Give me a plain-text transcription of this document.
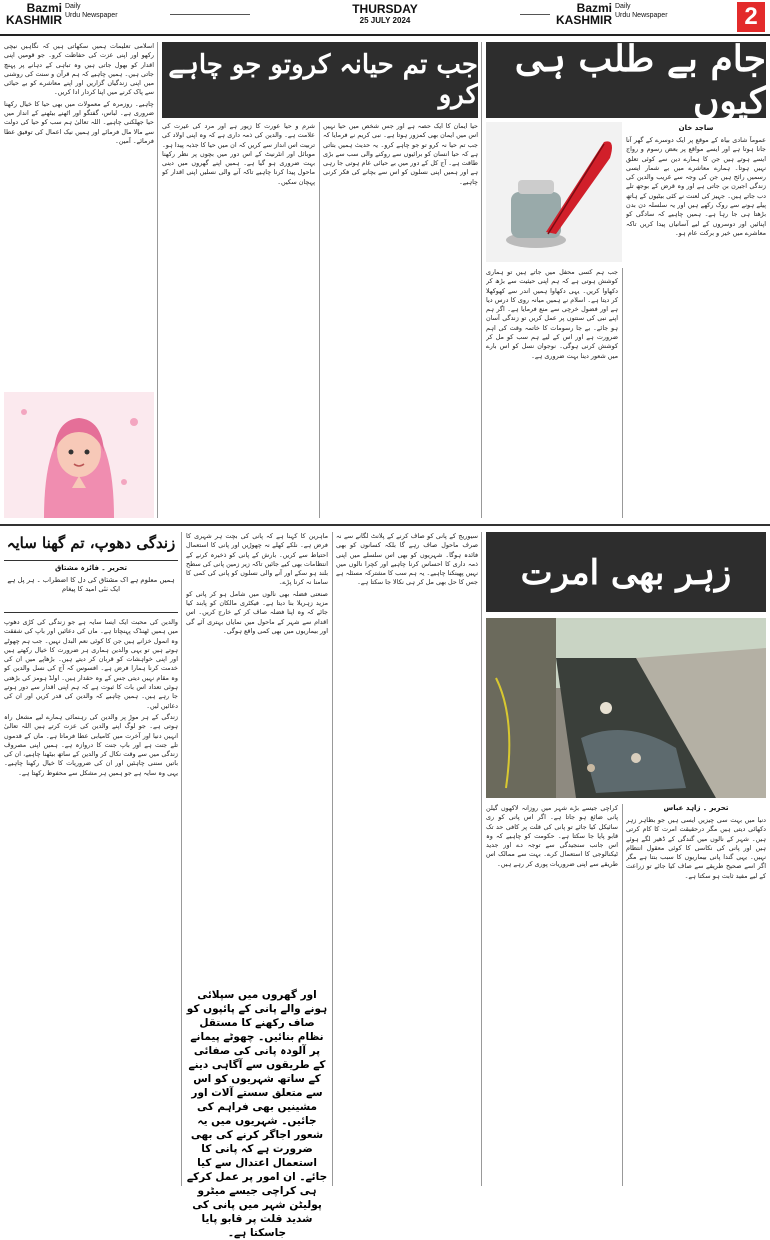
Bazmi
KASHMIRDaily
Urdu Newspaper	THURSDAY
25 JULY 2024
Bazmi
KASHMIRDaily
Urdu Newspaper	2
جام بے طلب ہی کیوں
ساجد خان
عموماً شادی بیاہ کے موقع پر ایک دوسرے کے گھر آنا جانا ہوتا ہے اور ایسے مواقع پر بعض رسوم و رواج ایسے ہوتے ہیں جن کا ہمارے دین سے کوئی تعلق نہیں ہوتا۔ ہمارے معاشرے میں بے شمار ایسی رسمیں رائج ہیں جن کی وجہ سے غریب والدین کی زندگی اجیرن بن جاتی ہے اور وہ قرض کے بوجھ تلے دب جاتے ہیں۔ جہیز کی لعنت نے کئی بیٹیوں کے ہاتھ پیلے ہونے سے روک رکھے ہیں اور یہ سلسلہ دن بدن بڑھتا ہی جا رہا ہے۔ ہمیں چاہیے کہ سادگی کو اپنائیں اور دوسروں کے لیے آسانیاں پیدا کریں تاکہ معاشرے میں خیر و برکت عام ہو۔
جب ہم کسی محفل میں جاتے ہیں تو ہماری کوشش ہوتی ہے کہ ہم اپنی حیثیت سے بڑھ کر دکھاوا کریں۔ یہی دکھاوا ہمیں اندر سے کھوکھلا کر دیتا ہے۔ اسلام نے ہمیں میانہ روی کا درس دیا ہے اور فضول خرچی سے منع فرمایا ہے۔ اگر ہم اپنے نبی کی سنتوں پر عمل کریں تو زندگی آسان ہو جائے۔ بے جا رسومات کا خاتمہ وقت کی اہم ضرورت ہے اور اس کے لیے ہم سب کو مل کر کوشش کرنی ہوگی۔ نوجوان نسل کو اس بارے میں شعور دینا بہت ضروری ہے۔
جب تم حیانہ کروتو جو چاہے کرو
حیا ایمان کا ایک حصہ ہے اور جس شخص میں حیا نہیں اس میں ایمان بھی کمزور ہوتا ہے۔ نبی کریم نے فرمایا کہ جب تم حیا نہ کرو تو جو چاہے کرو۔ یہ حدیث ہمیں بتاتی ہے کہ حیا انسان کو برائیوں سے روکنے والی سب سے بڑی طاقت ہے۔ آج کل کے دور میں بے حیائی عام ہوتی جا رہی ہے اور ہمیں اپنی نسلوں کو اس سے بچانے کی فکر کرنی چاہیے۔
شرم و حیا عورت کا زیور ہے اور مرد کی غیرت کی علامت ہے۔ والدین کی ذمہ داری ہے کہ وہ اپنی اولاد کی تربیت اس انداز سے کریں کہ ان میں حیا کا جذبہ پیدا ہو۔ موبائل اور انٹرنیٹ کے اس دور میں بچوں پر نظر رکھنا بہت ضروری ہو گیا ہے۔ ہمیں اپنے گھروں میں دینی ماحول پیدا کرنا چاہیے تاکہ آنے والی نسلیں اپنی اقدار کو پہچان سکیں۔

اسلامی تعلیمات ہمیں سکھاتی ہیں کہ نگاہیں نیچی رکھو اور اپنی عزت کی حفاظت کرو۔ جو قومیں اپنی اقدار کو بھول جاتی ہیں وہ تباہی کے دہانے پر پہنچ جاتی ہیں۔ ہمیں چاہیے کہ ہم قرآن و سنت کی روشنی میں اپنی زندگیاں گزاریں اور اپنے معاشرے کو بے حیائی سے پاک کرنے میں اپنا کردار ادا کریں۔

چاہیے۔ روزمرہ کے معمولات میں بھی حیا کا خیال رکھنا ضروری ہے۔ لباس، گفتگو اور اٹھنے بیٹھنے کے انداز میں حیا جھلکنی چاہیے۔ اللہ تعالیٰ ہم سب کو حیا کی دولت سے مالا مال فرمائے اور ہمیں نیک اعمال کی توفیق عطا فرمائے۔ آمین۔

زہر بھی امرت
تحریر ۔ زاہد عباس
دنیا میں بہت سی چیزیں ایسی ہیں جو بظاہر زہر دکھائی دیتی ہیں مگر درحقیقت امرت کا کام کرتی ہیں۔ شہر کے نالوں میں گندگی کے ڈھیر لگے ہوئے ہیں اور پانی کی نکاسی کا کوئی معقول انتظام نہیں۔ یہی گندا پانی بیماریوں کا سبب بنتا ہے مگر اگر اسے صحیح طریقے سے صاف کیا جائے تو زراعت کے لیے مفید ثابت ہو سکتا ہے۔
کراچی جیسے بڑے شہر میں روزانہ لاکھوں گیلن پانی ضائع ہو جاتا ہے۔ اگر اس پانی کو ری سائیکل کیا جائے تو پانی کی قلت پر کافی حد تک قابو پایا جا سکتا ہے۔ حکومت کو چاہیے کہ وہ اس جانب سنجیدگی سے توجہ دے اور جدید ٹیکنالوجی کا استعمال کرے۔ بہت سے ممالک اس طریقے سے اپنی ضروریات پوری کر رہے ہیں۔
سیوریج کے پانی کو صاف کرنے کے پلانٹ لگانے سے نہ صرف ماحول صاف رہے گا بلکہ کسانوں کو بھی فائدہ ہوگا۔ شہریوں کو بھی اس سلسلے میں اپنی ذمہ داری کا احساس کرنا چاہیے اور کچرا نالوں میں نہیں پھینکنا چاہیے۔ یہ ہم سب کا مشترکہ مسئلہ ہے جس کا حل بھی مل کر ہی نکالا جا سکتا ہے۔

ماہرین کا کہنا ہے کہ پانی کی بچت ہر شہری کا فرض ہے۔ نلکے کھلے نہ چھوڑیں اور پانی کا استعمال احتیاط سے کریں۔ بارش کے پانی کو ذخیرہ کرنے کے انتظامات بھی کیے جائیں تاکہ زیر زمین پانی کی سطح بلند ہو سکے اور آنے والی نسلوں کو پانی کی کمی کا سامنا نہ کرنا پڑے۔

صنعتی فضلہ بھی نالوں میں شامل ہو کر پانی کو مزید زہریلا بنا دیتا ہے۔ فیکٹری مالکان کو پابند کیا جائے کہ وہ اپنا فضلہ صاف کر کے خارج کریں۔ اس اقدام سے شہر کے ماحول میں نمایاں بہتری آئے گی اور بیماریوں میں بھی کمی واقع ہوگی۔

اور گھروں میں سپلائی ہونے والے پانی کے پائپوں کو صاف رکھنے کا مستقل نظام بنائیں۔ چھوٹے پیمانے پر آلودہ پانی کی صفائی کے طریقوں سے آگاہی دینے کے ساتھ شہریوں کو اس سے متعلق سستے آلات اور مشینیں بھی فراہم کی جائیں۔ شہریوں میں یہ شعور اجاگر کرنے کی بھی ضرورت ہے کہ پانی کا استعمال اعتدال سے کیا جائے۔ ان امور پر عمل کرکے ہی کراچی جیسے میٹرو پولیٹن شہر میں پانی کی شدید قلت پر قابو پایا جاسکتا ہے۔
زندگی دھوپ، تم گھنا سایہ
تحریر ۔ فائزہ مشتاق
ہمیں معلوم ہے اک مشتاق کی دل کا اضطراب ۔ ہر پل ہے ایک نئی امید کا پیغام

والدین کی محبت ایک ایسا سایہ ہے جو زندگی کی کڑی دھوپ میں ہمیں ٹھنڈک پہنچاتا ہے۔ ماں کی دعائیں اور باپ کی شفقت وہ انمول خزانے ہیں جن کا کوئی نعم البدل نہیں۔ جب ہم چھوٹے ہوتے ہیں تو یہی والدین ہماری ہر ضرورت کا خیال رکھتے ہیں اور اپنی خواہشات کو قربان کر دیتے ہیں۔ بڑھاپے میں ان کی خدمت کرنا ہمارا فرض ہے۔ افسوس کہ آج کی نسل والدین کو وہ مقام نہیں دیتی جس کے وہ حقدار ہیں۔ اولڈ ہومز کی بڑھتی ہوئی تعداد اس بات کا ثبوت ہے کہ ہم اپنی اقدار سے دور ہوتے جا رہے ہیں۔ ہمیں چاہیے کہ والدین کی قدر کریں اور ان کی دعائیں لیں۔

زندگی کے ہر موڑ پر والدین کی رہنمائی ہمارے لیے مشعل راہ ہوتی ہے۔ جو لوگ اپنے والدین کی عزت کرتے ہیں اللہ تعالیٰ انہیں دنیا اور آخرت میں کامیابی عطا فرماتا ہے۔ ماں کے قدموں تلے جنت ہے اور باپ جنت کا دروازہ ہے۔ ہمیں اپنی مصروف زندگی میں سے وقت نکال کر والدین کے ساتھ بیٹھنا چاہیے، ان کی باتیں سننی چاہئیں اور ان کی ضروریات کا خیال رکھنا چاہیے۔ یہی وہ سایہ ہے جو ہمیں ہر مشکل سے محفوظ رکھتا ہے۔
